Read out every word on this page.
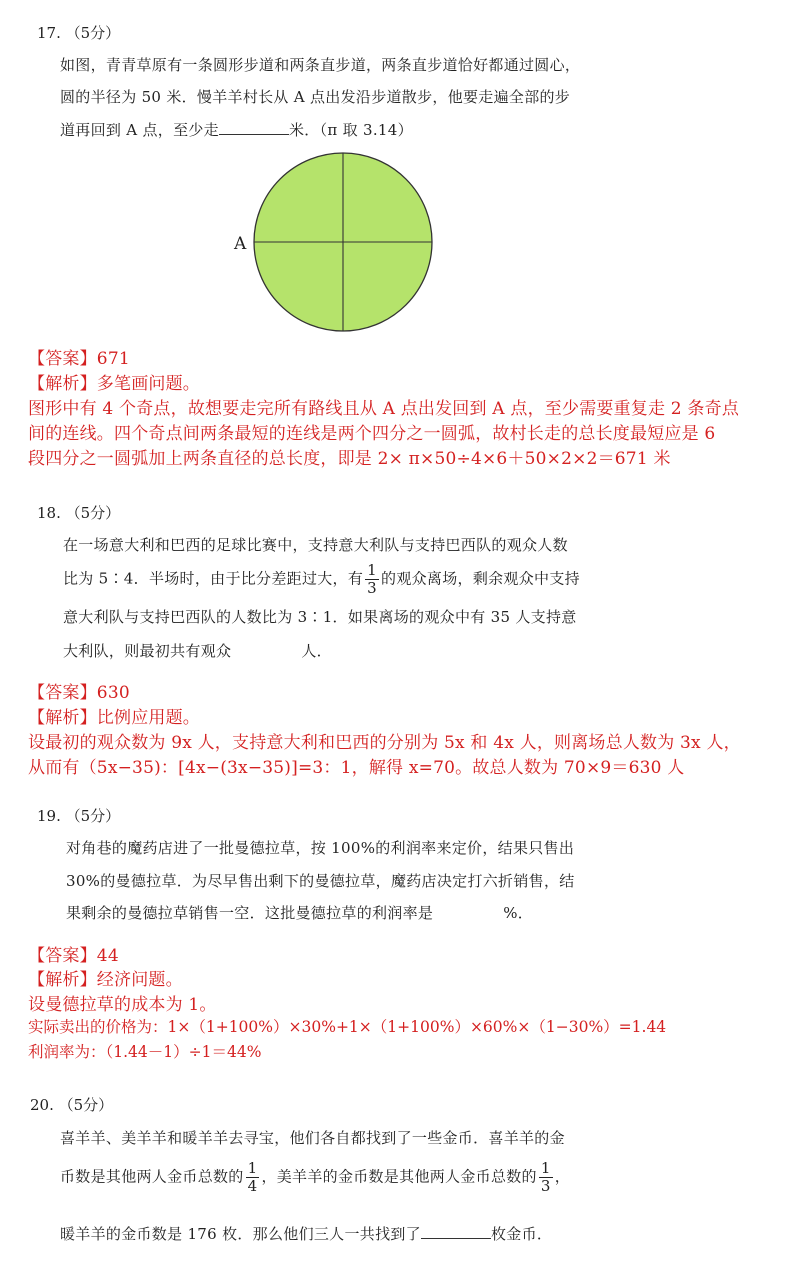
17. （5分）
如图，青青草原有一条圆形步道和两条直步道，两条直步道恰好都通过圆心，
圆的半径为 50 米．慢羊羊村长从 A 点出发沿步道散步，他要走遍全部的步
道再回到 A 点，至少走	米．（π 取 3.14）
A
【答案】671
【解析】多笔画问题。
图形中有 4 个奇点，故想要走完所有路线且从 A 点出发回到 A 点，至少需要重复走 2 条奇点
间的连线。四个奇点间两条最短的连线是两个四分之一圆弧，故村长走的总长度最短应是 6
段四分之一圆弧加上两条直径的总长度，即是 2× π×50÷4×6＋50×2×2＝671 米
18. （5分）
在一场意大利和巴西的足球比赛中，支持意大利队与支持巴西队的观众人数
比为 5∶4．半场时，由于比分差距过大，有 $\frac{1}{3}$ 的观众离场，剩余观众中支持
意大利队与支持巴西队的人数比为 3∶1．如果离场的观众中有 35 人支持意
大利队，则最初共有观众	人．
【答案】630
【解析】比例应用题。
设最初的观众数为 9x 人，支持意大利和巴西的分别为 5x 和 4x 人，则离场总人数为 3x 人，
从而有（5x−35)：[4x−(3x−35)]=3：1，解得 x=70。故总人数为 70×9＝630 人
19. （5分）
对角巷的魔药店进了一批曼德拉草，按 100%的利润率来定价，结果只售出
30%的曼德拉草．为尽早售出剩下的曼德拉草，魔药店决定打六折销售，结
果剩余的曼德拉草销售一空．这批曼德拉草的利润率是	%．
【答案】44
【解析】经济问题。
设曼德拉草的成本为 1。
实际卖出的价格为：1×（1+100%）×30%+1×（1+100%）×60%×（1−30%）=1.44
利润率为：（1.44－1）÷1＝44%
20. （5分）
喜羊羊、美羊羊和暖羊羊去寻宝，他们各自都找到了一些金币．喜羊羊的金
币数是其他两人金币总数的 $\frac{1}{4}$ ，美羊羊的金币数是其他两人金币总数的 $\frac{1}{3}$ ，
暖羊羊的金币数是 176 枚．那么他们三人一共找到了	枚金币．
